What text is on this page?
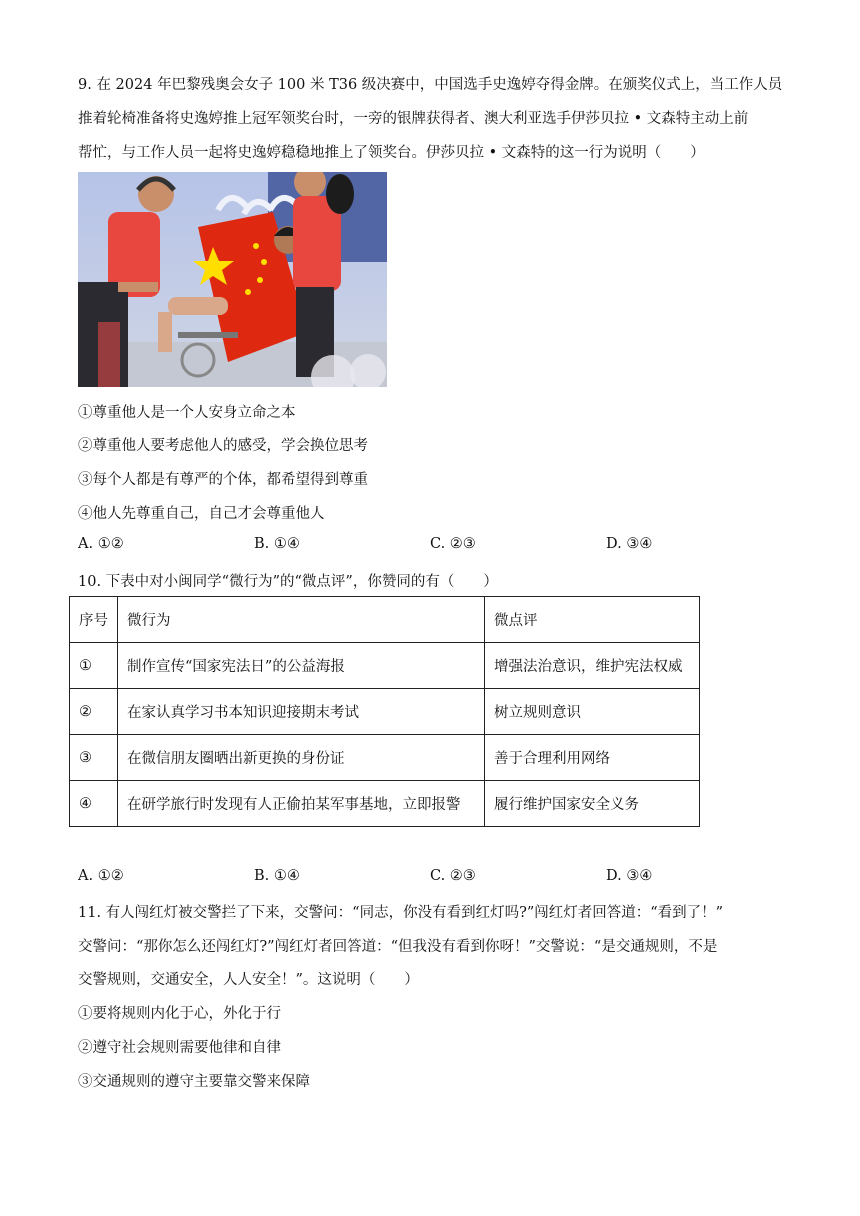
9. 在 2024 年巴黎残奥会女子 100 米 T36 级决赛中，中国选手史逸婷夺得金牌。在颁奖仪式上，当工作人员
推着轮椅准备将史逸婷推上冠军领奖台时，一旁的银牌获得者、澳大利亚选手伊莎贝拉 • 文森特主动上前
帮忙，与工作人员一起将史逸婷稳稳地推上了领奖台。伊莎贝拉 • 文森特的这一行为说明（　　）
①尊重他人是一个人安身立命之本
②尊重他人要考虑他人的感受，学会换位思考
③每个人都是有尊严的个体，都希望得到尊重
④他人先尊重自己，自己才会尊重他人
A. ①②	B. ①④	C. ②③	D. ③④
10. 下表中对小闽同学“微行为”的“微点评”，你赞同的有（　　）
序号	微行为	微点评
①	制作宣传“国家宪法日”的公益海报	增强法治意识，维护宪法权威
②	在家认真学习书本知识迎接期末考试	树立规则意识
③	在微信朋友圈晒出新更换的身份证	善于合理利用网络
④	在研学旅行时发现有人正偷拍某军事基地，立即报警	履行维护国家安全义务
A. ①②	B. ①④	C. ②③	D. ③④
11. 有人闯红灯被交警拦了下来，交警问：“同志，你没有看到红灯吗?”闯红灯者回答道：“看到了！”
交警问：“那你怎么还闯红灯?”闯红灯者回答道：“但我没有看到你呀！”交警说：“是交通规则，不是
交警规则，交通安全，人人安全！”。这说明（　　）
①要将规则内化于心，外化于行
②遵守社会规则需要他律和自律
③交通规则的遵守主要靠交警来保障
